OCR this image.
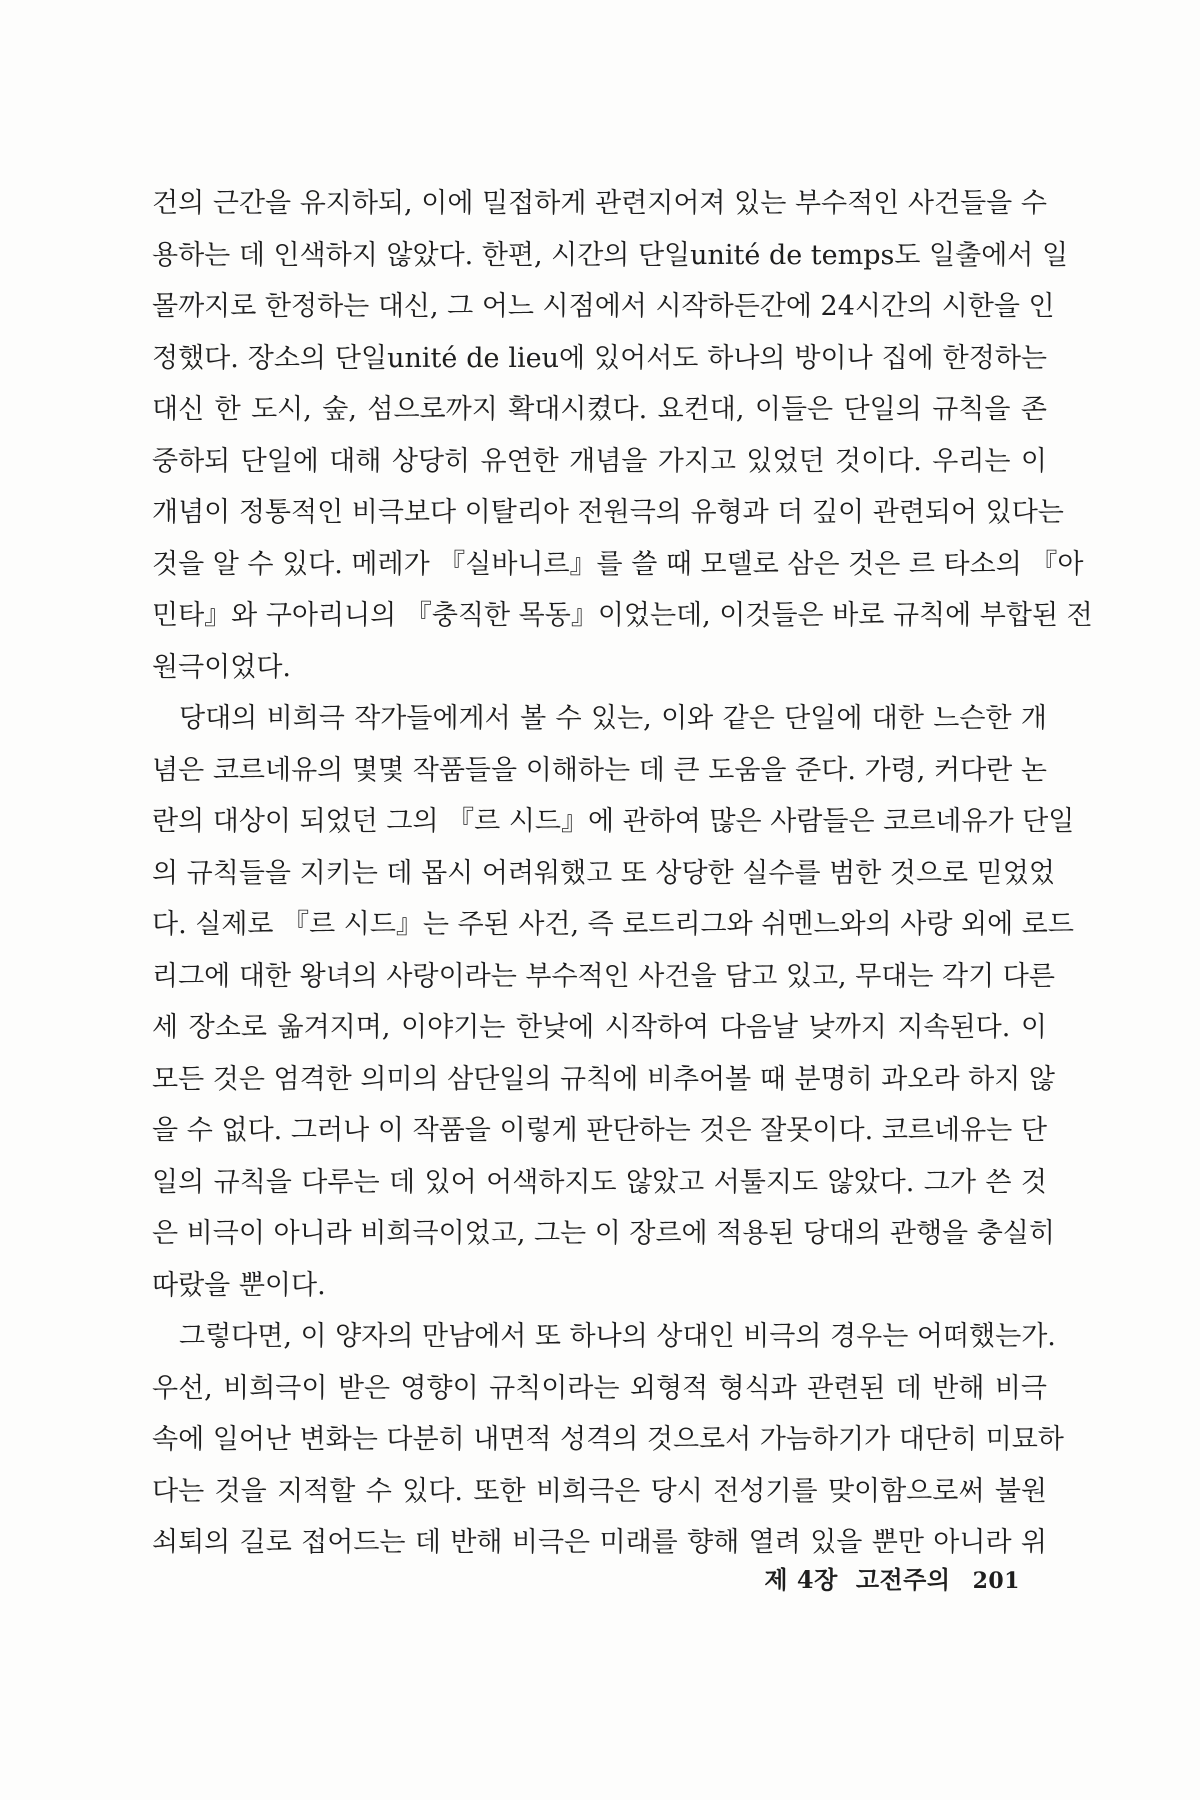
건의 근간을 유지하되, 이에 밀접하게 관련지어져 있는 부수적인 사건들을 수
용하는 데 인색하지 않았다. 한편, 시간의 단일unité de temps도 일출에서 일
몰까지로 한정하는 대신, 그 어느 시점에서 시작하든간에 24시간의 시한을 인
정했다. 장소의 단일unité de lieu에 있어서도 하나의 방이나 집에 한정하는
대신 한 도시, 숲, 섬으로까지 확대시켰다. 요컨대, 이들은 단일의 규칙을 존
중하되 단일에 대해 상당히 유연한 개념을 가지고 있었던 것이다. 우리는 이
개념이 정통적인 비극보다 이탈리아 전원극의 유형과 더 깊이 관련되어 있다는
것을 알 수 있다. 메레가 『실바니르』를 쓸 때 모델로 삼은 것은 르 타소의 『아
민타』와 구아리니의 『충직한 목동』이었는데, 이것들은 바로 규칙에 부합된 전
원극이었다.
당대의 비희극 작가들에게서 볼 수 있는, 이와 같은 단일에 대한 느슨한 개
념은 코르네유의 몇몇 작품들을 이해하는 데 큰 도움을 준다. 가령, 커다란 논
란의 대상이 되었던 그의 『르 시드』에 관하여 많은 사람들은 코르네유가 단일
의 규칙들을 지키는 데 몹시 어려워했고 또 상당한 실수를 범한 것으로 믿었었
다. 실제로 『르 시드』는 주된 사건, 즉 로드리그와 쉬멘느와의 사랑 외에 로드
리그에 대한 왕녀의 사랑이라는 부수적인 사건을 담고 있고, 무대는 각기 다른
세 장소로 옮겨지며, 이야기는 한낮에 시작하여 다음날 낮까지 지속된다. 이
모든 것은 엄격한 의미의 삼단일의 규칙에 비추어볼 때 분명히 과오라 하지 않
을 수 없다. 그러나 이 작품을 이렇게 판단하는 것은 잘못이다. 코르네유는 단
일의 규칙을 다루는 데 있어 어색하지도 않았고 서툴지도 않았다. 그가 쓴 것
은 비극이 아니라 비희극이었고, 그는 이 장르에 적용된 당대의 관행을 충실히
따랐을 뿐이다.
그렇다면, 이 양자의 만남에서 또 하나의 상대인 비극의 경우는 어떠했는가.
우선, 비희극이 받은 영향이 규칙이라는 외형적 형식과 관련된 데 반해 비극
속에 일어난 변화는 다분히 내면적 성격의 것으로서 가늠하기가 대단히 미묘하
다는 것을 지적할 수 있다. 또한 비희극은 당시 전성기를 맞이함으로써 불원
쇠퇴의 길로 접어드는 데 반해 비극은 미래를 향해 열려 있을 뿐만 아니라 위
제 4장 고전주의 201
